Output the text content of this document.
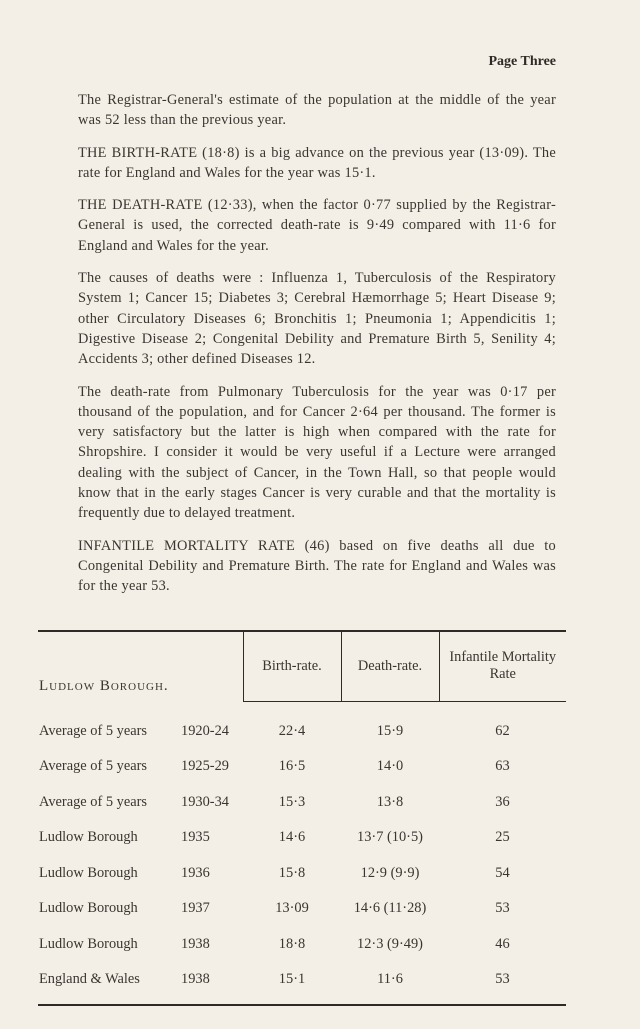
Page Three

The Registrar-General's estimate of the population at the middle of the year was 52 less than the previous year.

THE BIRTH-RATE (18·8) is a big advance on the previous year (13·09). The rate for England and Wales for the year was 15·1.

THE DEATH-RATE (12·33), when the factor 0·77 supplied by the Registrar-General is used, the corrected death-rate is 9·49 compared with 11·6 for England and Wales for the year.

The causes of deaths were : Influenza 1, Tuberculosis of the Respiratory System 1; Cancer 15; Diabetes 3; Cerebral Hæmorrhage 5; Heart Disease 9; other Circulatory Diseases 6; Bronchitis 1; Pneumonia 1; Appendicitis 1; Digestive Disease 2; Congenital Debility and Premature Birth 5, Senility 4; Accidents 3; other defined Diseases 12.

The death-rate from Pulmonary Tuberculosis for the year was 0·17 per thousand of the population, and for Cancer 2·64 per thousand. The former is very satisfactory but the latter is high when compared with the rate for Shropshire. I consider it would be very useful if a Lecture were arranged dealing with the subject of Cancer, in the Town Hall, so that people would know that in the early stages Cancer is very curable and that the mortality is frequently due to delayed treatment.

INFANTILE MORTALITY RATE (46) based on five deaths all due to Congenital Debility and Premature Birth. The rate for England and Wales was for the year 53.

Ludlow Borough.	Birth-rate.	Death-rate.	Infantile Mortality Rate

Average of 5 years 1920-24	22·4	15·9	62
Average of 5 years 1925-29	16·5	14·0	63
Average of 5 years 1930-34	15·3	13·8	36
Ludlow Borough 1935	14·6	13·7 (10·5)	25
Ludlow Borough 1936	15·8	12·9 (9·9)	54
Ludlow Borough 1937	13·09	14·6 (11·28)	53
Ludlow Borough 1938	18·8	12·3 (9·49)	46
England & Wales 1938	15·1	11·6	53
